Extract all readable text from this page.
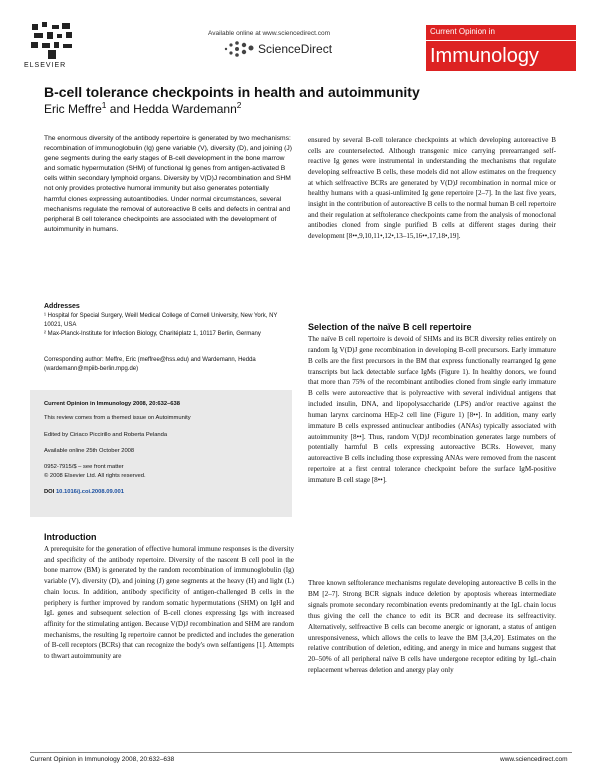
ELSEVIER
Available online at www.sciencedirect.com
ScienceDirect
Current Opinion in
Immunology
B-cell tolerance checkpoints in health and autoimmunity
Eric Meffre$^1$ and Hedda Wardemann$^2$
The enormous diversity of the antibody repertoire is generated by two mechanisms: recombination of immunoglobulin (Ig) gene variable (V), diversity (D), and joining (J) gene segments during the early stages of B-cell development in the bone marrow and somatic hypermutation (SHM) of functional Ig genes from antigen-activated B cells within secondary lymphoid organs. Diversity by V(D)J recombination and SHM not only provides protective humoral immunity but also generates potentially harmful clones expressing autoantibodies. Under normal circumstances, several mechanisms regulate the removal of autoreactive B cells and defects in central and peripheral B cell tolerance checkpoints are associated with the development of autoimmunity in humans.
Addresses
¹ Hospital for Special Surgery, Weill Medical College of Cornell University, New York, NY 10021, USA
² Max-Planck-Institute for Infection Biology, Charitéplatz 1, 10117 Berlin, Germany
Corresponding author: Meffre, Eric (meffree@hss.edu) and Wardemann, Hedda (wardemann@mpiib-berlin.mpg.de)
Current Opinion in Immunology 2008, 20:632–638
This review comes from a themed issue on Autoimmunity
Edited by Ciriaco Piccirillo and Roberta Pelanda
Available online 25th October 2008
0952-7915/$ – see front matter
© 2008 Elsevier Ltd. All rights reserved.
DOI 10.1016/j.coi.2008.09.001
Introduction
A prerequisite for the generation of effective humoral immune responses is the diversity and specificity of the antibody repertoire. Diversity of the nascent B cell pool in the bone marrow (BM) is generated by the random recombination of immunoglobulin (Ig) variable (V), diversity (D), and joining (J) gene segments at the heavy (H) and light (L) chain locus. In addition, antibody specificity of antigen-challenged B cells in the periphery is further improved by random somatic hypermutations (SHM) on IgH and IgL genes and subsequent selection of B-cell clones expressing Igs with increased affinity for the stimulating antigen. Because V(D)J recombination and SHM are random mechanisms, the resulting Ig repertoire cannot be predicted and includes the generation of B-cell receptors (BCRs) that can recognize the body's own selfantigens [1]. Attempts to thwart autoimmunity are
ensured by several B-cell tolerance checkpoints at which developing autoreactive B cells are counterselected. Although transgenic mice carrying prerearranged self-reactive Ig genes were instrumental in understanding the mechanisms that regulate developing selfreactive B cells, these models did not allow estimates on the frequency at which selfreactive BCRs are generated by V(D)J recombination in normal mice or healthy humans with a quasi-unlimited Ig gene repertoire [2–7]. In the last five years, insight in the contribution of autoreactive B cells to the normal human B cell repertoire and their regulation at selftolerance checkpoints came from the analysis of monoclonal antibodies cloned from single purified B cells at different stages during their development [8••,9,10,11•,12•,13–15,16••,17,18•,19].
Selection of the naïve B cell repertoire
The naïve B cell repertoire is devoid of SHMs and its BCR diversity relies entirely on random Ig V(D)J gene recombination in developing B-cell precursors. Early immature B cells are the first precursors in the BM that express functionally rearranged Ig gene transcripts but lack detectable surface IgMs (Figure 1). In healthy donors, we found that more than 75% of the recombinant antibodies cloned from single early immature B cells were autoreactive that is polyreactive with several individual antigens that included insulin, DNA, and lipopolysaccharide (LPS) and/or reactive against the human larynx carcinoma HEp-2 cell line (Figure 1) [8••]. In addition, many early immature B cells expressed antinuclear antibodies (ANAs) typically associated with autoimmunity [8••]. Thus, random V(D)J recombination generates large numbers of potentially harmful B cells expressing autoreactive BCRs. However, many autoreactive B cells including those expressing ANAs were removed from the nascent repertoire at a first central tolerance checkpoint before the surface IgM-positive immature B cell stage [8••].
Three known selftolerance mechanisms regulate developing autoreactive B cells in the BM [2–7]. Strong BCR signals induce deletion by apoptosis whereas intermediate signals promote secondary recombination events predominantly at the IgL chain locus thus giving the cell the chance to edit its BCR and decrease its selfreactivity. Alternatively, selfreactive B cells can become anergic or ignorant, a status of antigen unresponsiveness, which allows the cells to leave the BM [3,4,20]. Estimates on the relative contribution of deletion, editing, and anergy in mice and humans suggest that 20–50% of all peripheral naïve B cells have undergone receptor editing by IgL-chain replacement whereas deletion and anergy play only
Current Opinion in Immunology 2008, 20:632–638	www.sciencedirect.com
